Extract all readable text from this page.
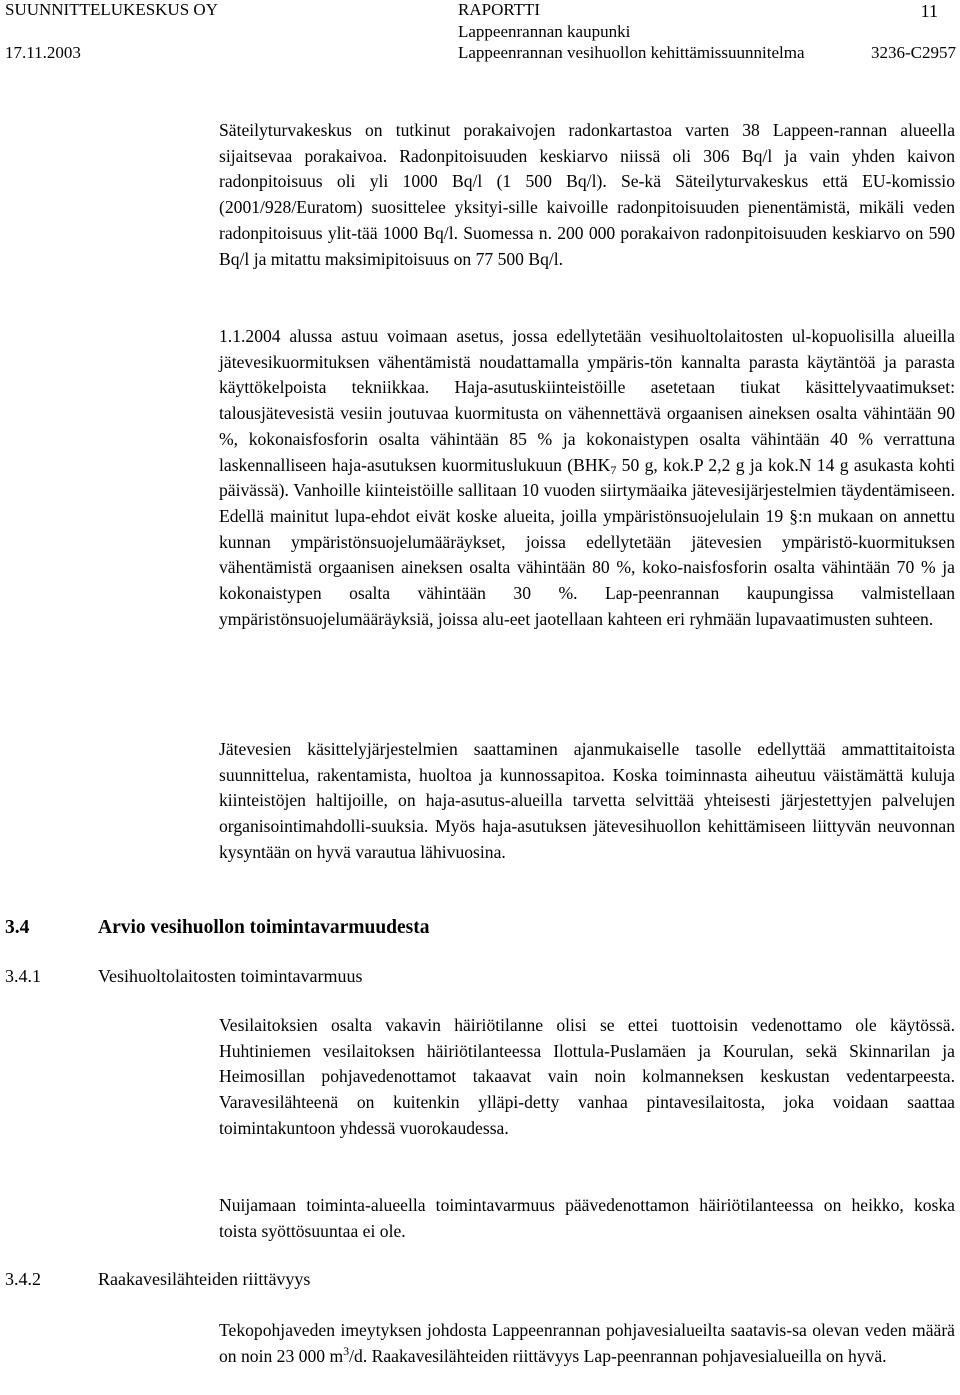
SUUNNITTELUKESKUS OY	RAPORTTI	11
Lappeenrannan kaupunki
17.11.2003	Lappeenrannan vesihuollon kehittämissuunnitelma	3236-C2957

Säteilyturvakeskus on tutkinut porakaivojen radonkartastoa varten 38 Lappeen-rannan alueella sijaitsevaa porakaivoa. Radonpitoisuuden keskiarvo niissä oli 306 Bq/l ja vain yhden kaivon radonpitoisuus oli yli 1000 Bq/l (1 500 Bq/l). Se-kä Säteilyturvakeskus että EU-komissio (2001/928/Euratom) suosittelee yksityi-sille kaivoille radonpitoisuuden pienentämistä, mikäli veden radonpitoisuus ylit-tää 1000 Bq/l. Suomessa n. 200 000 porakaivon radonpitoisuuden keskiarvo on 590 Bq/l ja mitattu maksimipitoisuus on 77 500 Bq/l.

1.1.2004 alussa astuu voimaan asetus, jossa edellytetään vesihuoltolaitosten ul-kopuolisilla alueilla jätevesikuormituksen vähentämistä noudattamalla ympäris-tön kannalta parasta käytäntöä ja parasta käyttökelpoista tekniikkaa. Haja-asutuskiinteistöille asetetaan tiukat käsittelyvaatimukset: talousjätevesistä vesiin joutuvaa kuormitusta on vähennettävä orgaanisen aineksen osalta vähintään 90 %, kokonaisfosforin osalta vähintään 85 % ja kokonaistypen osalta vähintään 40 % verrattuna laskennalliseen haja-asutuksen kuormituslukuun ($BHK_7$ 50 g, kok.P 2,2 g ja kok.N 14 g asukasta kohti päivässä). Vanhoille kiinteistöille sallitaan 10 vuoden siirtymäaika jätevesijärjestelmien täydentämiseen. Edellä mainitut lupa-ehdot eivät koske alueita, joilla ympäristönsuojelulain 19 §:n mukaan on annettu kunnan ympäristönsuojelumääräykset, joissa edellytetään jätevesien ympäristö-kuormituksen vähentämistä orgaanisen aineksen osalta vähintään 80 %, koko-naisfosforin osalta vähintään 70 % ja kokonaistypen osalta vähintään 30 %. Lap-peenrannan kaupungissa valmistellaan ympäristönsuojelumääräyksiä, joissa alu-eet jaotellaan kahteen eri ryhmään lupavaatimusten suhteen.

Jätevesien käsittelyjärjestelmien saattaminen ajanmukaiselle tasolle edellyttää ammattitaitoista suunnittelua, rakentamista, huoltoa ja kunnossapitoa. Koska toiminnasta aiheutuu väistämättä kuluja kiinteistöjen haltijoille, on haja-asutus-alueilla tarvetta selvittää yhteisesti järjestettyjen palvelujen organisointimahdolli-suuksia. Myös haja-asutuksen jätevesihuollon kehittämiseen liittyvän neuvonnan kysyntään on hyvä varautua lähivuosina.

3.4	Arvio vesihuollon toimintavarmuudesta
3.4.1	Vesihuoltolaitosten toimintavarmuus

Vesilaitoksien osalta vakavin häiriötilanne olisi se ettei tuottoisin vedenottamo ole käytössä. Huhtiniemen vesilaitoksen häiriötilanteessa Ilottula-Puslamäen ja Kourulan, sekä Skinnarilan ja Heimosillan pohjavedenottamot takaavat vain noin kolmanneksen keskustan vedentarpeesta. Varavesilähteenä on kuitenkin ylläpi-detty vanhaa pintavesilaitosta, joka voidaan saattaa toimintakuntoon yhdessä vuorokaudessa.

Nuijamaan toiminta-alueella toimintavarmuus päävedenottamon häiriötilanteessa on heikko, koska toista syöttösuuntaa ei ole.

3.4.2	Raakavesilähteiden riittävyys

Tekopohjaveden imeytyksen johdosta Lappeenrannan pohjavesialueilta saatavis-sa olevan veden määrä on noin 23 000 $m^3/d$. Raakavesilähteiden riittävyys Lap-peenrannan pohjavesialueilla on hyvä.
